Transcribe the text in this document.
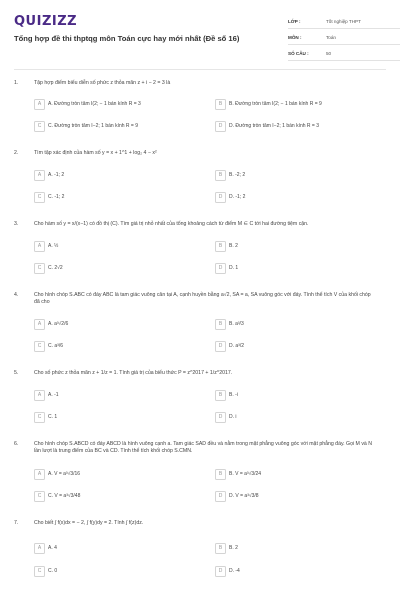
QUIZIZZ
Tổng hợp đề thi thptqg môn Toán cực hay mới nhất (Đề số 16)
LỚP :	Tốt nghiệp THPT
MÔN :	Toán
SỐ CÂU :	50
1.	Tập hợp điểm biểu diễn số phức z thỏa mãn z + i − 2 = 3 là
A	A. Đường tròn tâm I(2; − 1 bán kính R = 3	B	B. Đường tròn tâm I(2; − 1 bán kính R = 9
C	C. Đường tròn tâm I−2; 1 bán kính R = 9	D	D. Đường tròn tâm I−2; 1 bán kính R = 3
2.	Tìm tập xác định của hàm số y = x + 1^1 + log₂ 4 − x²
A	A. -1; 2	B	B. -2; 2
C	C. -1; 2	D	D. -1; 2
3.	Cho hàm số y = x/(x−1) có đồ thị (C). Tìm giá trị nhỏ nhất của tổng khoảng cách từ điểm M ∈ C tới hai đường tiệm cận.
A	A. ½	B	B. 2
C	C. 2√2	D	D. 1
4.	Cho hình chóp S.ABC có đáy ABC là tam giác vuông cân tại A, cạnh huyền bằng a√2, SA = a, SA vuông góc với đáy. Tính thể tích V của khối chóp đã cho
A	A. a³√2/6	B	B. a³/3
C	C. a³/6	D	D. a³/2
5.	Cho số phức z thỏa mãn z + 1/z = 1. Tính giá trị của biểu thức P = z^2017 + 1/z^2017.
A	A. -1	B	B. -i
C	C. 1	D	D. i
6.	Cho hình chóp S.ABCD có đáy ABCD là hình vuông cạnh a. Tam giác SAD đều và nằm trong mặt phẳng vuông góc với mặt phẳng đáy. Gọi M và N lần lượt là trung điểm của BC và CD. Tính thể tích khối chóp S.CMN.
A	A. V = a³√3/16	B	B. V = a³√3/24
C	C. V = a³√3/48	D	D. V = a³√3/8
7.	Cho biết ∫ f(x)dx = − 2, ∫ f(y)dy = 2. Tính ∫ f(z)dz.
A	A. 4	B	B. 2
C	C. 0	D	D. -4
